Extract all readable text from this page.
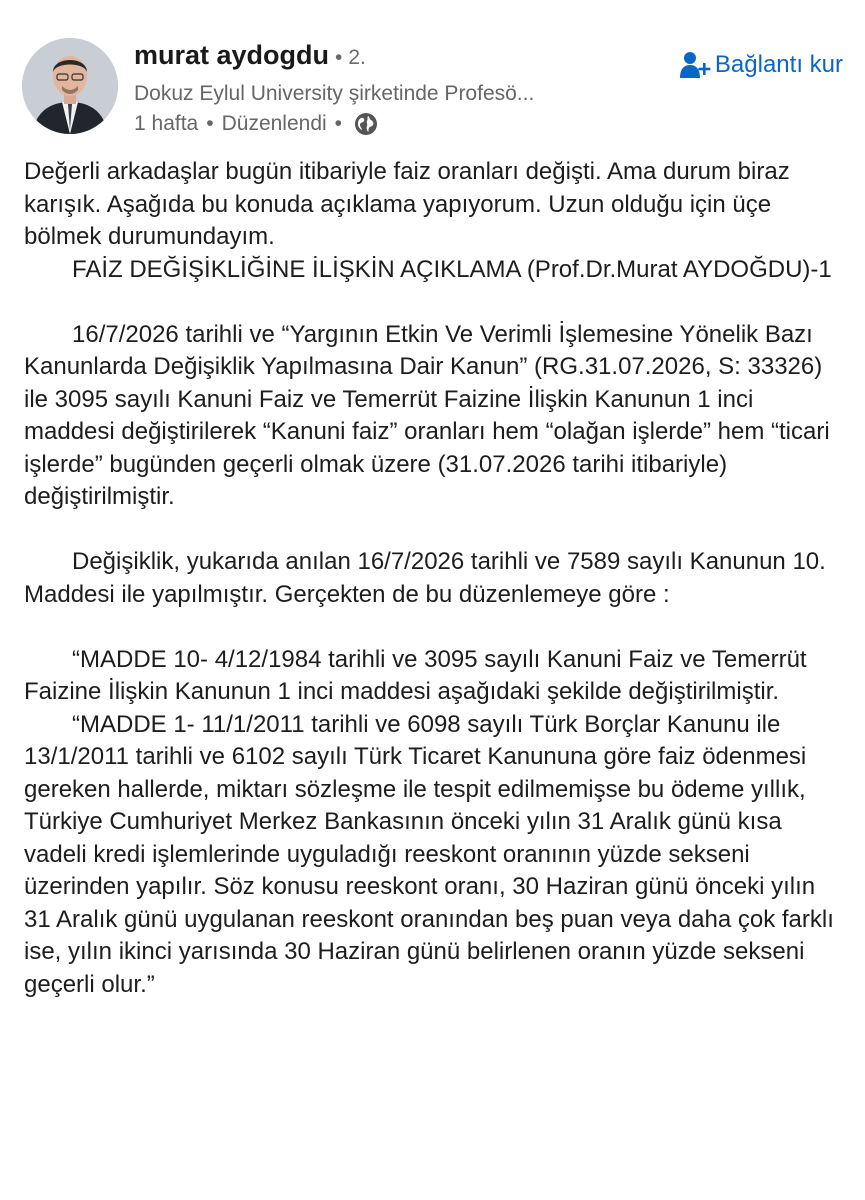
murat aydogdu • 2.
Dokuz Eylul University şirketinde Profesö...
1 hafta • Düzenlendi •
Bağlantı kur

Değerli arkadaşlar bugün itibariyle faiz oranları değişti. Ama durum biraz karışık. Aşağıda bu konuda açıklama yapıyorum. Uzun olduğu için üçe bölmek durumundayım.

FAİZ DEĞİŞİKLİĞİNE İLİŞKİN AÇIKLAMA (Prof.Dr.Murat AYDOĞDU)-1

16/7/2026 tarihli ve “Yargının Etkin Ve Verimli İşlemesine Yönelik Bazı Kanunlarda Değişiklik Yapılmasına Dair Kanun” (RG.31.07.2026, S: 33326) ile 3095 sayılı Kanuni Faiz ve Temerrüt Faizine İlişkin Kanunun 1 inci maddesi değiştirilerek “Kanuni faiz” oranları hem “olağan işlerde” hem “ticari işlerde” bugünden geçerli olmak üzere (31.07.2026 tarihi itibariyle) değiştirilmiştir.

Değişiklik, yukarıda anılan 16/7/2026 tarihli ve 7589 sayılı Kanunun 10. Maddesi ile yapılmıştır. Gerçekten de bu düzenlemeye göre :

“MADDE 10- 4/12/1984 tarihli ve 3095 sayılı Kanuni Faiz ve Temerrüt Faizine İlişkin Kanunun 1 inci maddesi aşağıdaki şekilde değiştirilmiştir.

“MADDE 1- 11/1/2011 tarihli ve 6098 sayılı Türk Borçlar Kanunu ile 13/1/2011 tarihli ve 6102 sayılı Türk Ticaret Kanununa göre faiz ödenmesi gereken hallerde, miktarı sözleşme ile tespit edilmemişse bu ödeme yıllık, Türkiye Cumhuriyet Merkez Bankasının önceki yılın 31 Aralık günü kısa vadeli kredi işlemlerinde uyguladığı reeskont oranının yüzde sekseni üzerinden yapılır. Söz konusu reeskont oranı, 30 Haziran günü önceki yılın 31 Aralık günü uygulanan reeskont oranından beş puan veya daha çok farklı ise, yılın ikinci yarısında 30 Haziran günü belirlenen oranın yüzde sekseni geçerli olur.”
